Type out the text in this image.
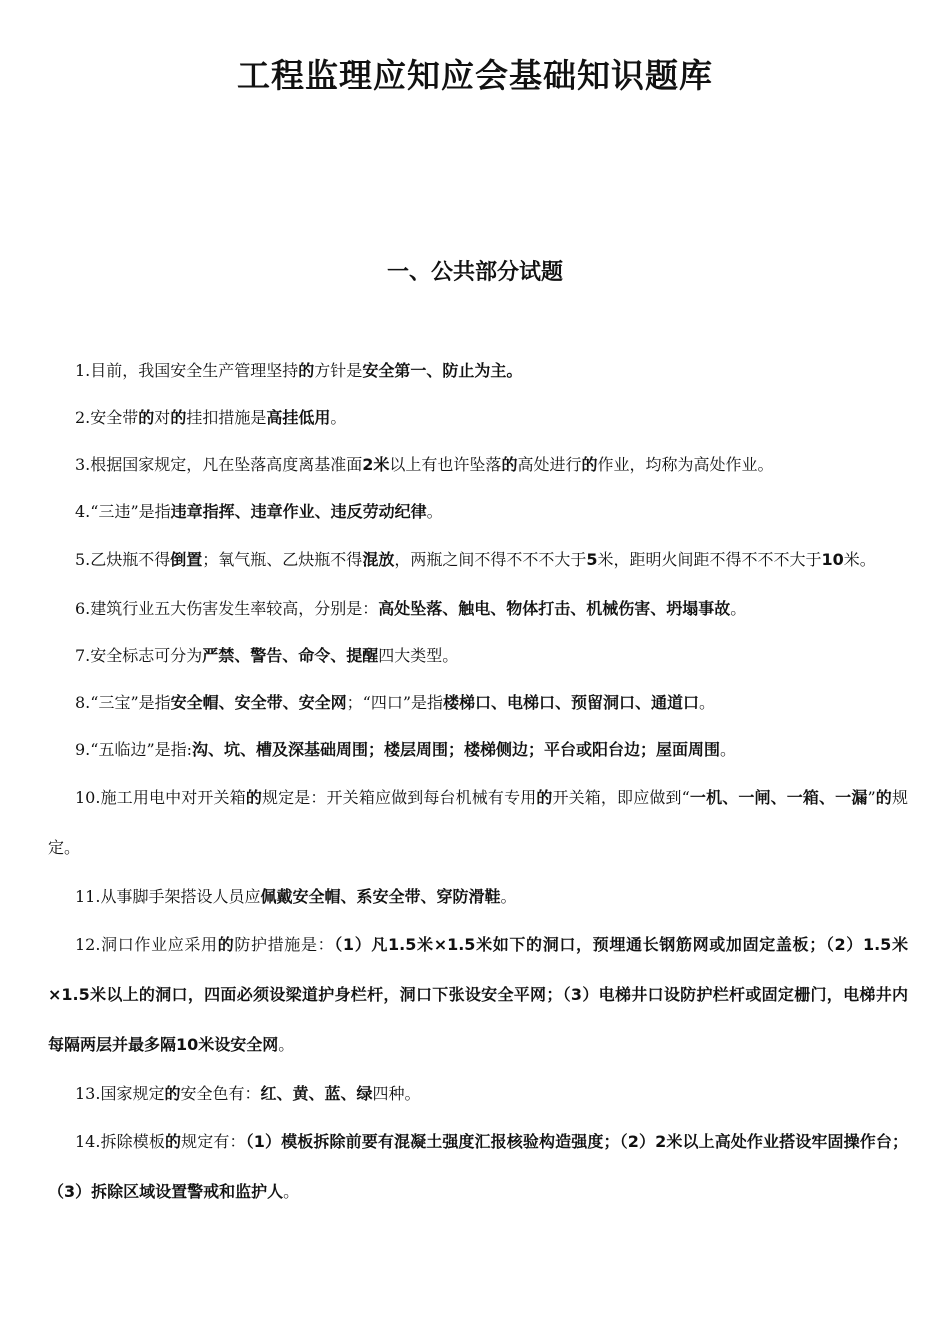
工程监理应知应会基础知识题库
一、公共部分试题

1.目前，我国安全生产管理坚持的方针是安全第一、防止为主。

2.安全带的对的挂扣措施是高挂低用。

3.根据国家规定，凡在坠落高度离基准面2米以上有也许坠落的高处进行的作业，均称为高处作业。

4.“三违”是指违章指挥、违章作业、违反劳动纪律。

5.乙炔瓶不得倒置；氧气瓶、乙炔瓶不得混放，两瓶之间不得不不不大于5米，距明火间距不得不不不大于10米。

6.建筑行业五大伤害发生率较高，分别是：高处坠落、触电、物体打击、机械伤害、坍塌事故。

7.安全标志可分为严禁、警告、命令、提醒四大类型。

8.“三宝”是指安全帽、安全带、安全网；“四口”是指楼梯口、电梯口、预留洞口、通道口。

9.“五临边”是指:沟、坑、槽及深基础周围；楼层周围；楼梯侧边；平台或阳台边；屋面周围。

10.施工用电中对开关箱的规定是：开关箱应做到每台机械有专用的开关箱，即应做到“一机、一闸、一箱、一漏”的规定。

11.从事脚手架搭设人员应佩戴安全帽、系安全带、穿防滑鞋。

12.洞口作业应采用的防护措施是：（1）凡1.5米×1.5米如下的洞口，预埋通长钢筋网或加固定盖板；（2）1.5米×1.5米以上的洞口，四面必须设梁道护身栏杆，洞口下张设安全平网；（3）电梯井口设防护栏杆或固定栅门，电梯井内每隔两层并最多隔10米设安全网。

13.国家规定的安全色有：红、黄、蓝、绿四种。

14.拆除模板的规定有：（1）模板拆除前要有混凝土强度汇报核验构造强度；（2）2米以上高处作业搭设牢固操作台；（3）拆除区域设置警戒和监护人。
